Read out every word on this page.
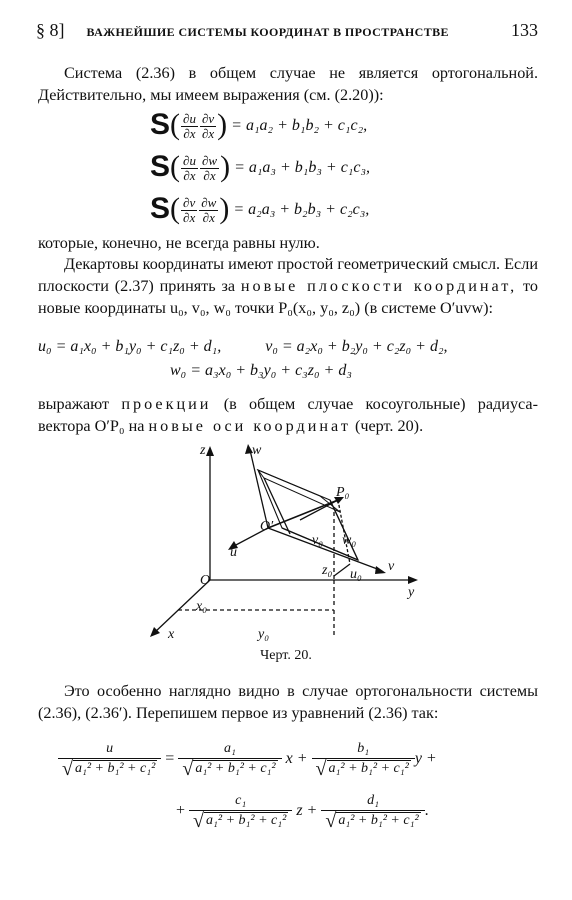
§ 8] ВАЖНЕЙШИЕ СИСТЕМЫ КООРДИНАТ В ПРОСТРАНСТВЕ	133
Система (2.36) в общем случае не является ортогональной. Действительно, мы имеем выражения (см. (2.20)):
$S( \frac{\partial u}{\partial x} \frac{\partial v}{\partial x}$ ) = a₁a₂ + b₁b₂ + c₁c₂,
$S( \frac{\partial u}{\partial x} \frac{\partial w}{\partial x}$ ) = a₁a₃ + b₁b₃ + c₁c₃,
$S( \frac{\partial v}{\partial x} \frac{\partial w}{\partial x}$ ) = a₂a₃ + b₂b₃ + c₂c₃,
которые, конечно, не всегда равны нулю.
Декартовы координаты имеют простой геометрический смысл. Если плоскости (2.37) принять за новые плоскости координат, то новые координаты u₀, v₀, w₀ точки P₀(x₀, y₀, z₀) (в системе O′uvw):
u₀ = a₁x₀ + b₁y₀ + c₁z₀ + d₁,	v₀ = a₂x₀ + b₂y₀ + c₂z₀ + d₂,
w₀ = a₃x₀ + b₃y₀ + c₃z₀ + d₃
выражают проекции (в общем случае косоугольные) радиуса-вектора O′P₀ на новые оси координат (черт. 20).
z	w
P₀
O′
u
v₀ w₀
z₀ u₀
v
O
y
x₀
x	y₀
Черт. 20.
Это особенно наглядно видно в случае ортогональности системы (2.36), (2.36′). Перепишем первое из уравнений (2.36) так:
$\frac{u}{\text{√ a₁² + b₁² + c₁²}} = \frac{\text{a₁}}{\text{√ a₁² + b₁² + c₁²}}$ $x + \frac{\text{b₁}}{\text{√ a₁² + b₁² + c₁²}}$ y +
+ $\frac{\text{c₁}}{\text{√ a₁² + b₁² + c₁²}}$ $z + \frac{\text{d₁}}{\text{√ a₁² + b₁² + c₁²}}$ .
